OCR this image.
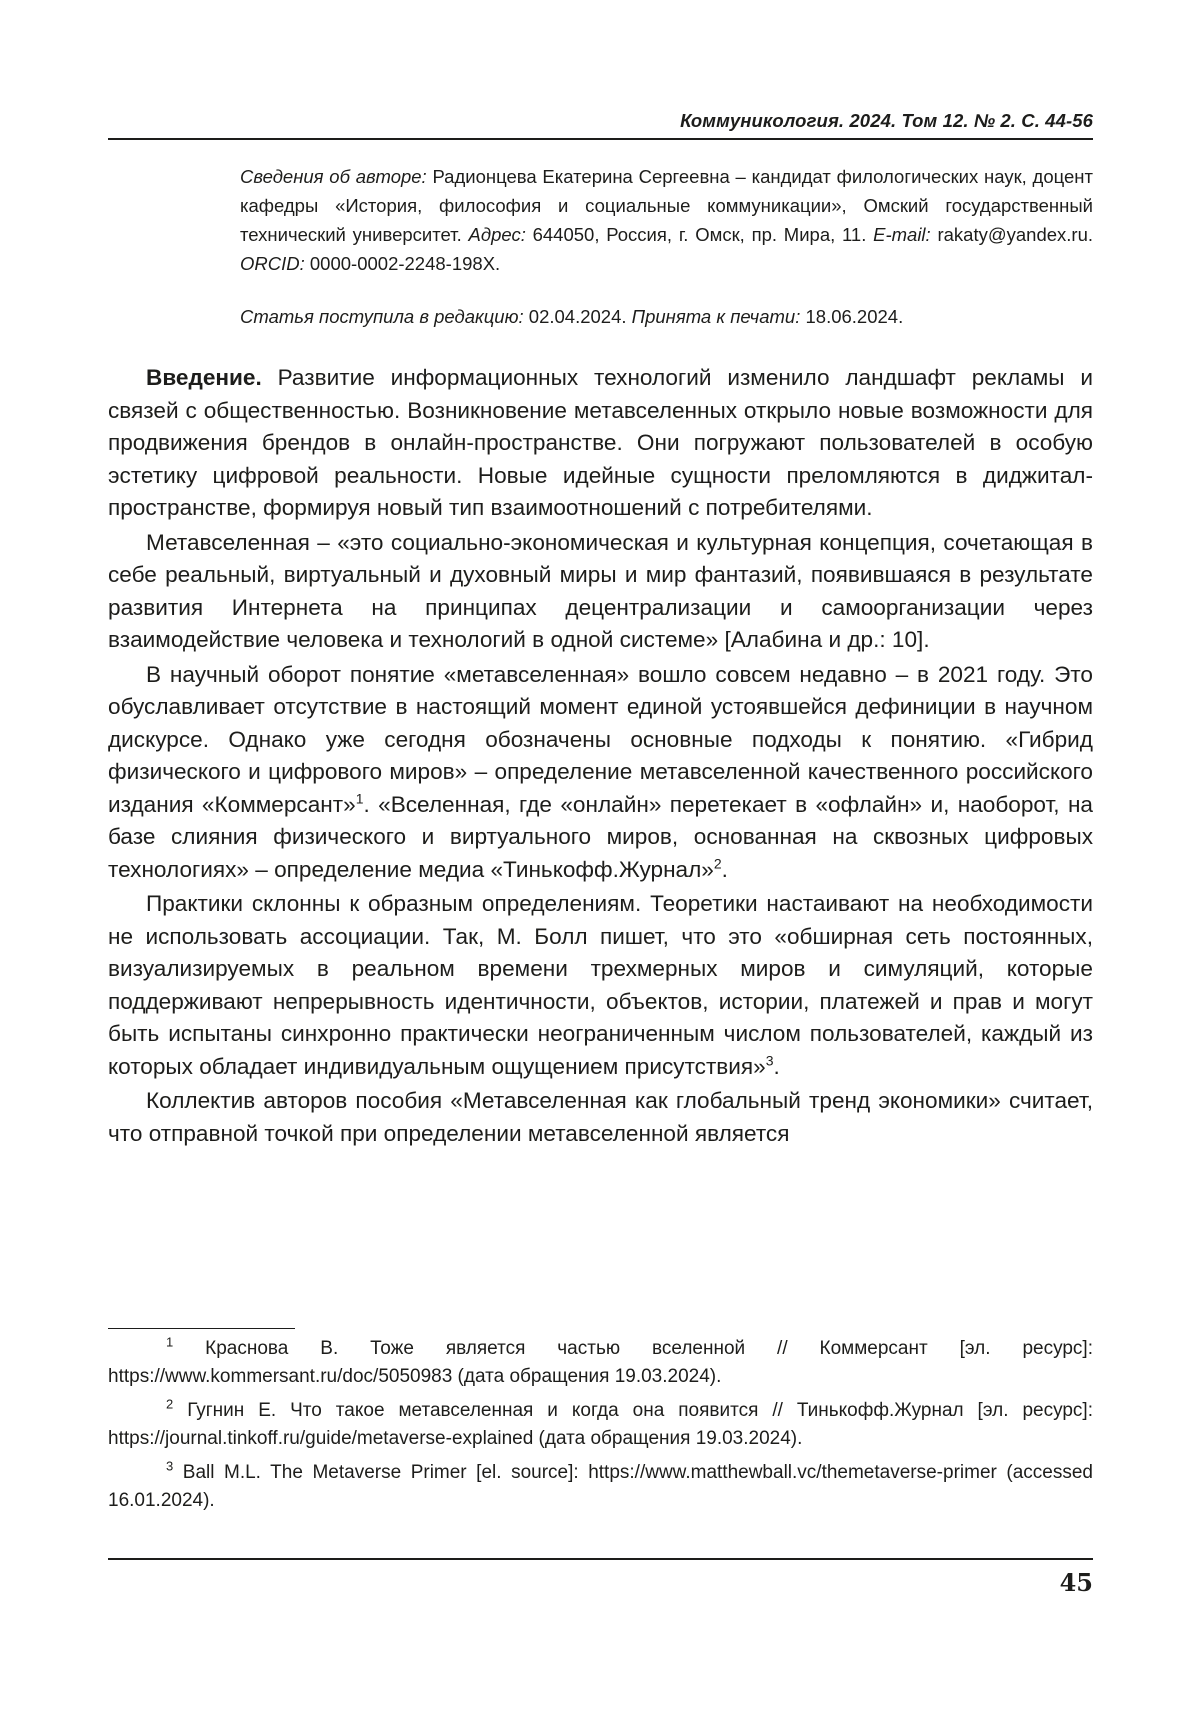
Коммуникология. 2024. Том 12. № 2. С. 44-56
Сведения об авторе: Радионцева Екатерина Сергеевна – кандидат филологических наук, доцент кафедры «История, философия и социальные коммуникации», Омский государственный технический университет. Адрес: 644050, Россия, г. Омск, пр. Мира, 11. E-mail: rakaty@yandex.ru. ORCID: 0000-0002-2248-198X.
Статья поступила в редакцию: 02.04.2024. Принята к печати: 18.06.2024.

Введение. Развитие информационных технологий изменило ландшафт рекламы и связей с общественностью. Возникновение метавселенных открыло новые возможности для продвижения брендов в онлайн-пространстве. Они погружают пользователей в особую эстетику цифровой реальности. Новые идейные сущности преломляются в диджитал-пространстве, формируя новый тип взаимоотношений с потребителями.

Метавселенная – «это социально-экономическая и культурная концепция, сочетающая в себе реальный, виртуальный и духовный миры и мир фантазий, появившаяся в результате развития Интернета на принципах децентрализации и самоорганизации через взаимодействие человека и технологий в одной системе» [Алабина и др.: 10].

В научный оборот понятие «метавселенная» вошло совсем недавно – в 2021 году. Это обуславливает отсутствие в настоящий момент единой устоявшейся дефиниции в научном дискурсе. Однако уже сегодня обозначены основные подходы к понятию. «Гибрид физического и цифрового миров» – определение метавселенной качественного российского издания «Коммерсант»$^1$. «Вселенная, где «онлайн» перетекает в «офлайн» и, наоборот, на базе слияния физического и виртуального миров, основанная на сквозных цифровых технологиях» – определение медиа «Тинькофф.Журнал»$^2$.

Практики склонны к образным определениям. Теоретики настаивают на необходимости не использовать ассоциации. Так, М. Болл пишет, что это «обширная сеть постоянных, визуализируемых в реальном времени трехмерных миров и симуляций, которые поддерживают непрерывность идентичности, объектов, истории, платежей и прав и могут быть испытаны синхронно практически неограниченным числом пользователей, каждый из которых обладает индивидуальным ощущением присутствия»$^3$.

Коллектив авторов пособия «Метавселенная как глобальный тренд экономики» считает, что отправной точкой при определении метавселенной является

$^1$ Краснова В. Тоже является частью вселенной // Коммерсант [эл. ресурс]: https://www.kommersant.ru/doc/5050983 (дата обращения 19.03.2024).

$^2$ Гугнин Е. Что такое метавселенная и когда она появится // Тинькофф.Журнал [эл. ресурс]: https://journal.tinkoff.ru/guide/metaverse-explained (дата обращения 19.03.2024).

$^3$ Ball M.L. The Metaverse Primer [el. source]: https://www.matthewball.vc/themetaverse-primer (accessed 16.01.2024).

45
